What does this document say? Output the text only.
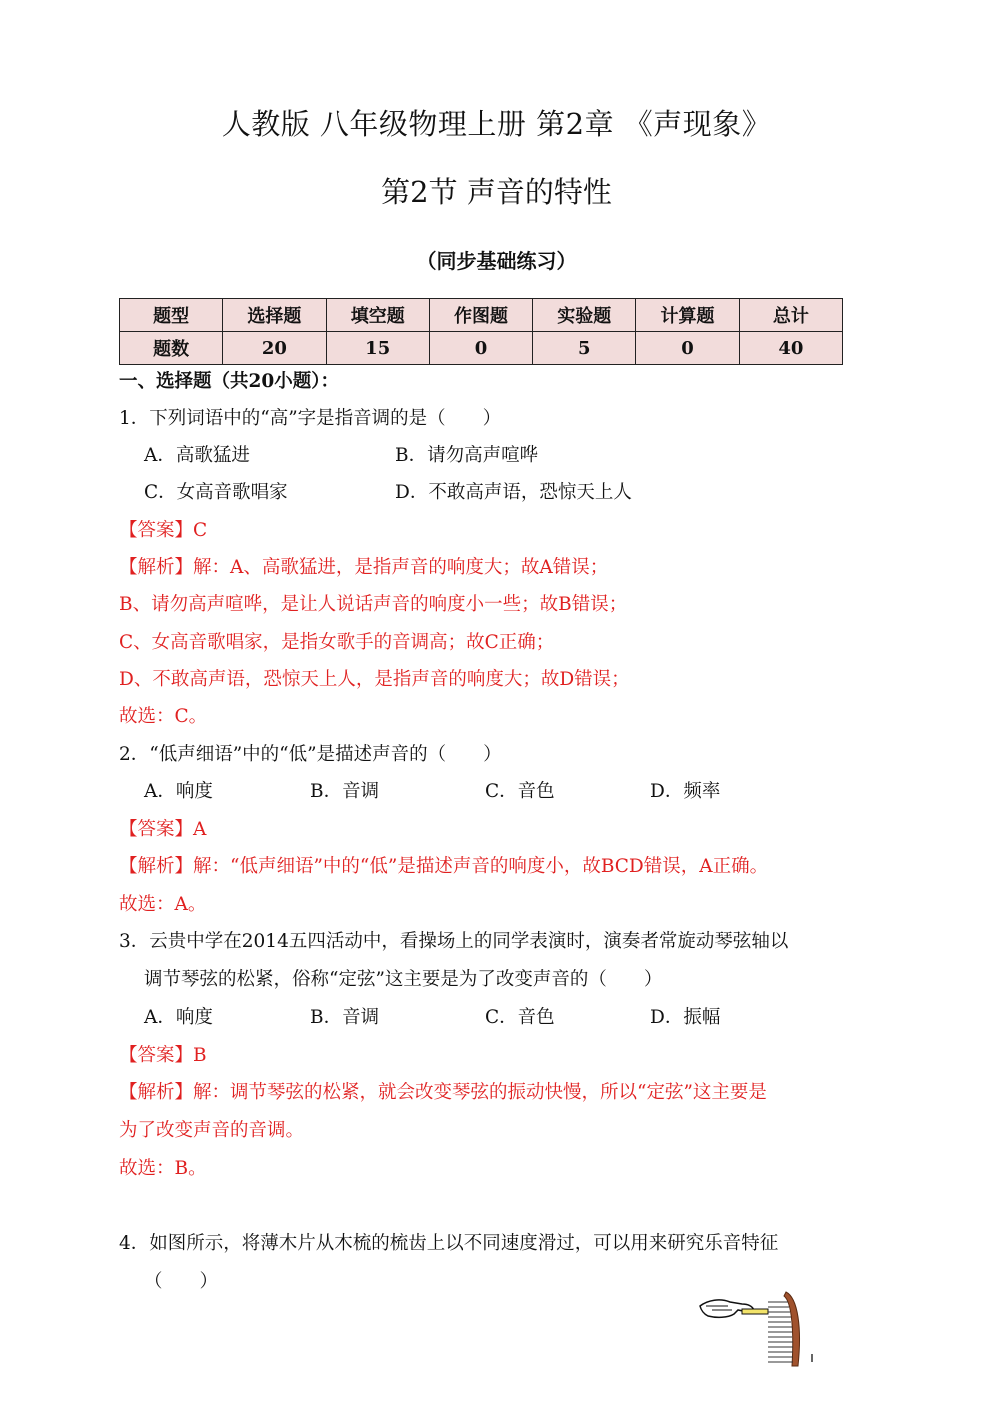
人教版 八年级物理上册 第2章 《声现象》
第2节 声音的特性
（同步基础练习）
题型	选择题	填空题	作图题	实验题	计算题	总计
题数	20	15	0	5	0	40
一、选择题（共20小题）：
1．下列词语中的“高”字是指音调的是（　　）
A．高歌猛进	B．请勿高声喧哗
C．女高音歌唱家	D．不敢高声语，恐惊天上人
【答案】C
【解析】解：A、高歌猛进，是指声音的响度大；故A错误；
B、请勿高声喧哗，是让人说话声音的响度小一些；故B错误；
C、女高音歌唱家，是指女歌手的音调高；故C正确；
D、不敢高声语，恐惊天上人，是指声音的响度大；故D错误；
故选：C。
2．“低声细语”中的“低”是描述声音的（　　）
A．响度	B．音调	C．音色	D．频率
【答案】A
【解析】解：“低声细语”中的“低”是描述声音的响度小，故BCD错误，A正确。
故选：A。
3．云贵中学在2014五四活动中，看操场上的同学表演时，演奏者常旋动琴弦轴以
调节琴弦的松紧，俗称“定弦”这主要是为了改变声音的（　　）
A．响度	B．音调	C．音色	D．振幅
【答案】B
【解析】解：调节琴弦的松紧，就会改变琴弦的振动快慢，所以“定弦”这主要是
为了改变声音的音调。
故选：B。
4．如图所示，将薄木片从木梳的梳齿上以不同速度滑过，可以用来研究乐音特征
（　　）
